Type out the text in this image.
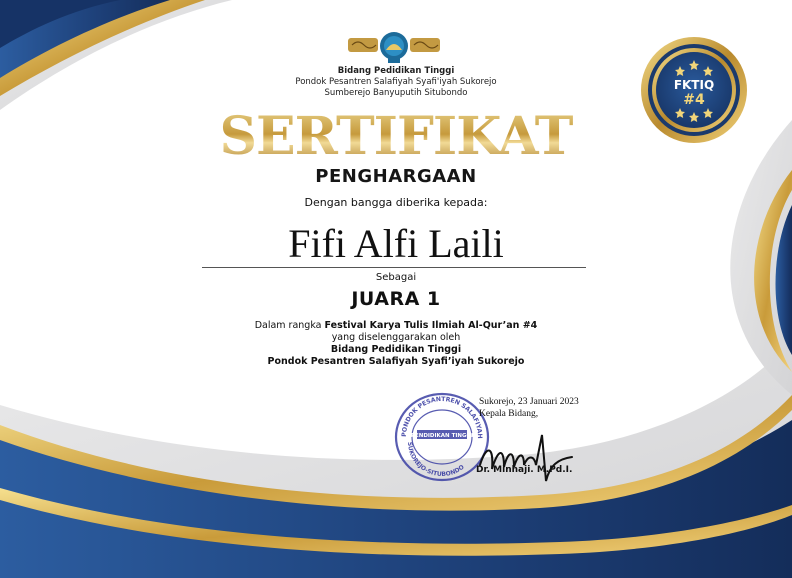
Bidang Pedidikan Tinggi
Pondok Pesantren Salafiyah Syafi'iyah Sukorejo
Sumberejo Banyuputih Situbondo
SERTIFIKAT
PENGHARGAAN
Dengan bangga diberika kepada:
Fifi Alfi Laili
Sebagai
JUARA 1
Dalam rangka Festival Karya Tulis Ilmiah Al-Qur’an #4
yang diselenggarakan oleh
Bidang Pedidikan Tinggi
Pondok Pesantren Salafiyah Syafi’iyah Sukorejo
PONDOK PESANTREN SALAFIYAH
SUKOREJO-SITUBONDO
PENDIDIKAN TINGGI
Sukorejo, 23 Januari 2023
Kepala Bidang,
Dr. Minhaji. M.Pd.I.
FKTIQ
#4
